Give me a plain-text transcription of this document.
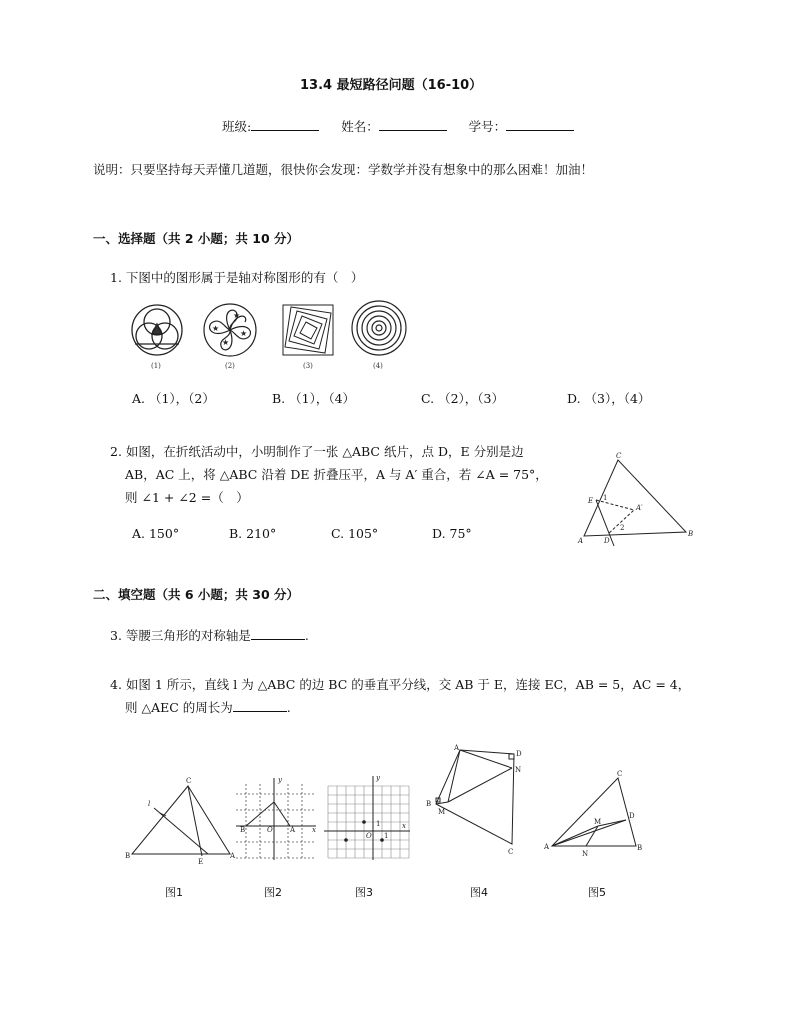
13.4 最短路径问题（16-10）
班级:	姓名：	学号：
说明：只要坚持每天弄懂几道题，很快你会发现：学数学并没有想象中的那么困难！加油！
一、选择题（共 2 小题；共 10 分）
1. 下图中的图形属于是轴对称图形的有（　）
★
★
★
★
(1)	(2)	(3)	(4)
A. （1），（2）	B. （1），（4）	C. （2），（3）	D. （3），（4）
2. 如图，在折纸活动中，小明制作了一张 △ABC 纸片，点 D，E 分别是边
AB，AC 上，将 △ABC 沿着 DE 折叠压平，A 与 A′ 重合，若 ∠A = 75°，
则 ∠1 + ∠2 =（　）
A. 150°	B. 210°	C. 105°	D. 75°
C
E 1
A′
2
B
A	D
二、填空题（共 6 小题；共 30 分）
3. 等腰三角形的对称轴是	.
4. 如图 1 所示，直线 l 为 △ABC 的边 BC 的垂直平分线，交 AB 于 E，连接 EC，AB = 5，AC = 4，
则 △AEC 的周长为	.
C
l
B
E
A
y
B	O A x
y
1
O 1
x
A
D
N
B
M
C
C
M
D
A
N
B
图1	图2	图3	图4	图5
